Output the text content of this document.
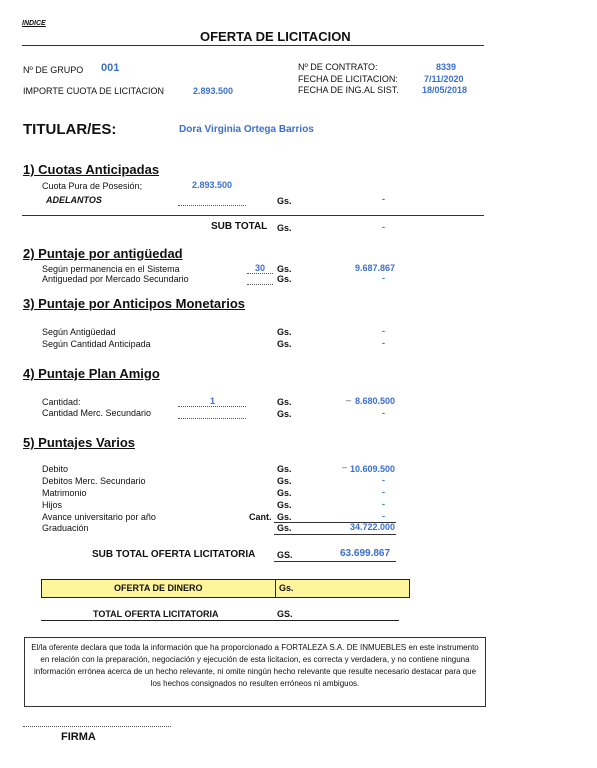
INDICE
OFERTA DE LICITACION
Nº DE GRUPO 001
IMPORTE CUOTA DE LICITACION	2.893.500
Nº DE CONTRATO:	8339
FECHA DE LICITACION:	7/11/2020
FECHA DE ING.AL SIST.	18/05/2018
TITULAR/ES:	Dora Virginia Ortega Barrios
1) Cuotas Anticipadas
Cuota Pura de Posesión;	2.893.500
ADELANTOS	Gs.	-
SUB TOTAL Gs.	-
2) Puntaje por antigüedad
Según permanencia en el Sistema	30 Gs.	9.687.867
Antiguedad por Mercado Secundario	Gs.	-
3) Puntaje por Anticipos Monetarios
Según Antigüedad	Gs.	-
Según Cantidad Anticipada	Gs.	-
4) Puntaje Plan Amigo
Cantidad:	1	Gs.	– 8.680.500
Cantidad Merc. Secundario	Gs.	-
5) Puntajes Varios
Debito	Gs.	– 10.609.500
Debitos Merc. Secundario	Gs.	-
Matrimonio	Gs.	-
Hijos	Gs.	-
Avance universitario por año	Cant. Gs.	-
Graduación	Gs.	34.722.000
SUB TOTAL OFERTA LICITATORIA GS.	63.699.867
OFERTA DE DINERO	Gs.
TOTAL OFERTA LICITATORIA	GS.
El/la oferente declara que toda la información que ha proporcionado a FORTALEZA S.A. DE INMUEBLES en este instrumento en relación con la preparación, negociación y ejecución de esta licitacion, es correcta y verdadera, y no contiene ninguna información errónea acerca de un hecho relevante, ni omite ningún hecho relevante que resulte necesario destacar para que los hechos consignados no resulten erróneos ni ambiguos.
FIRMA
